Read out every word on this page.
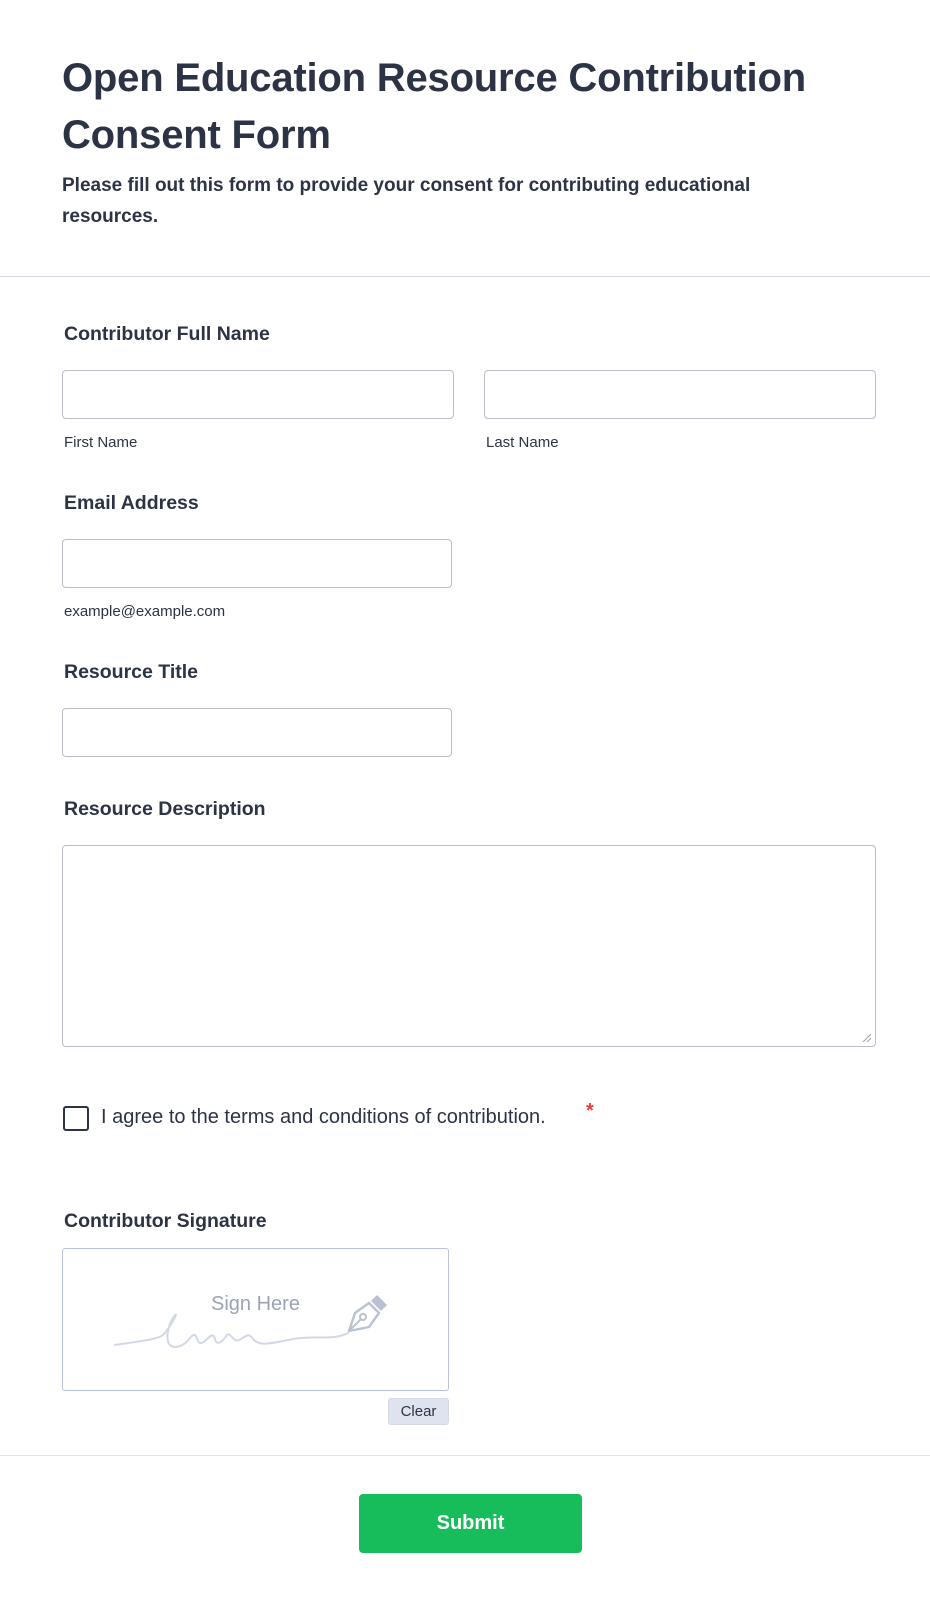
Open Education Resource Contribution Consent Form

Please fill out this form to provide your consent for contributing educational resources.

Contributor Full Name
First Name	Last Name
Email Address
example@example.com
Resource Title
Resource Description
I agree to the terms and conditions of contribution. *
Contributor Signature
Sign Here
Clear
Submit
